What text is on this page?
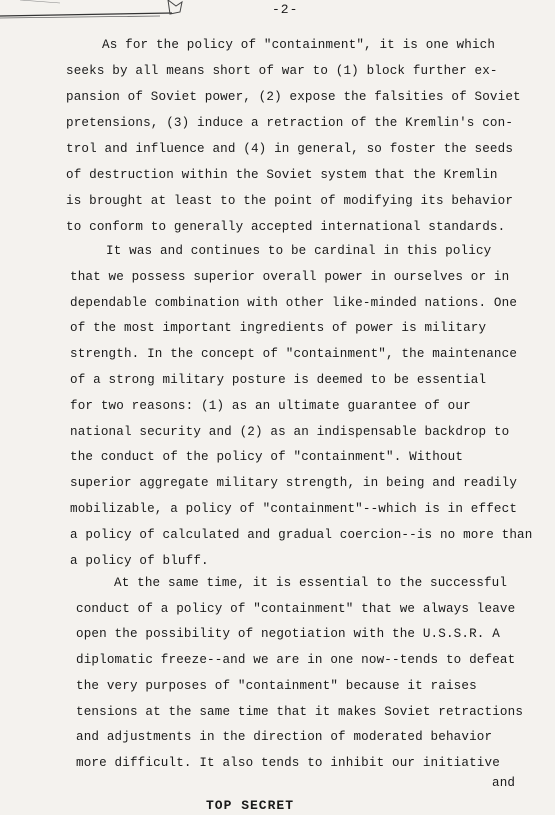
-2-
As for the policy of "containment", it is one which
seeks by all means short of war to (1) block further ex-
pansion of Soviet power, (2) expose the falsities of Soviet
pretensions, (3) induce a retraction of the Kremlin's con-
trol and influence and (4) in general, so foster the seeds
of destruction within the Soviet system that the Kremlin
is brought at least to the point of modifying its behavior
to conform to generally accepted international standards.
It was and continues to be cardinal in this policy
that we possess superior overall power in ourselves or in
dependable combination with other like-minded nations. One
of the most important ingredients of power is military
strength. In the concept of "containment", the maintenance
of a strong military posture is deemed to be essential
for two reasons: (1) as an ultimate guarantee of our
national security and (2) as an indispensable backdrop to
the conduct of the policy of "containment". Without
superior aggregate military strength, in being and readily
mobilizable, a policy of "containment"--which is in effect
a policy of calculated and gradual coercion--is no more than
a policy of bluff.
At the same time, it is essential to the successful
conduct of a policy of "containment" that we always leave
open the possibility of negotiation with the U.S.S.R. A
diplomatic freeze--and we are in one now--tends to defeat
the very purposes of "containment" because it raises
tensions at the same time that it makes Soviet retractions
and adjustments in the direction of moderated behavior
more difficult. It also tends to inhibit our initiative
and
TOP SECRET
